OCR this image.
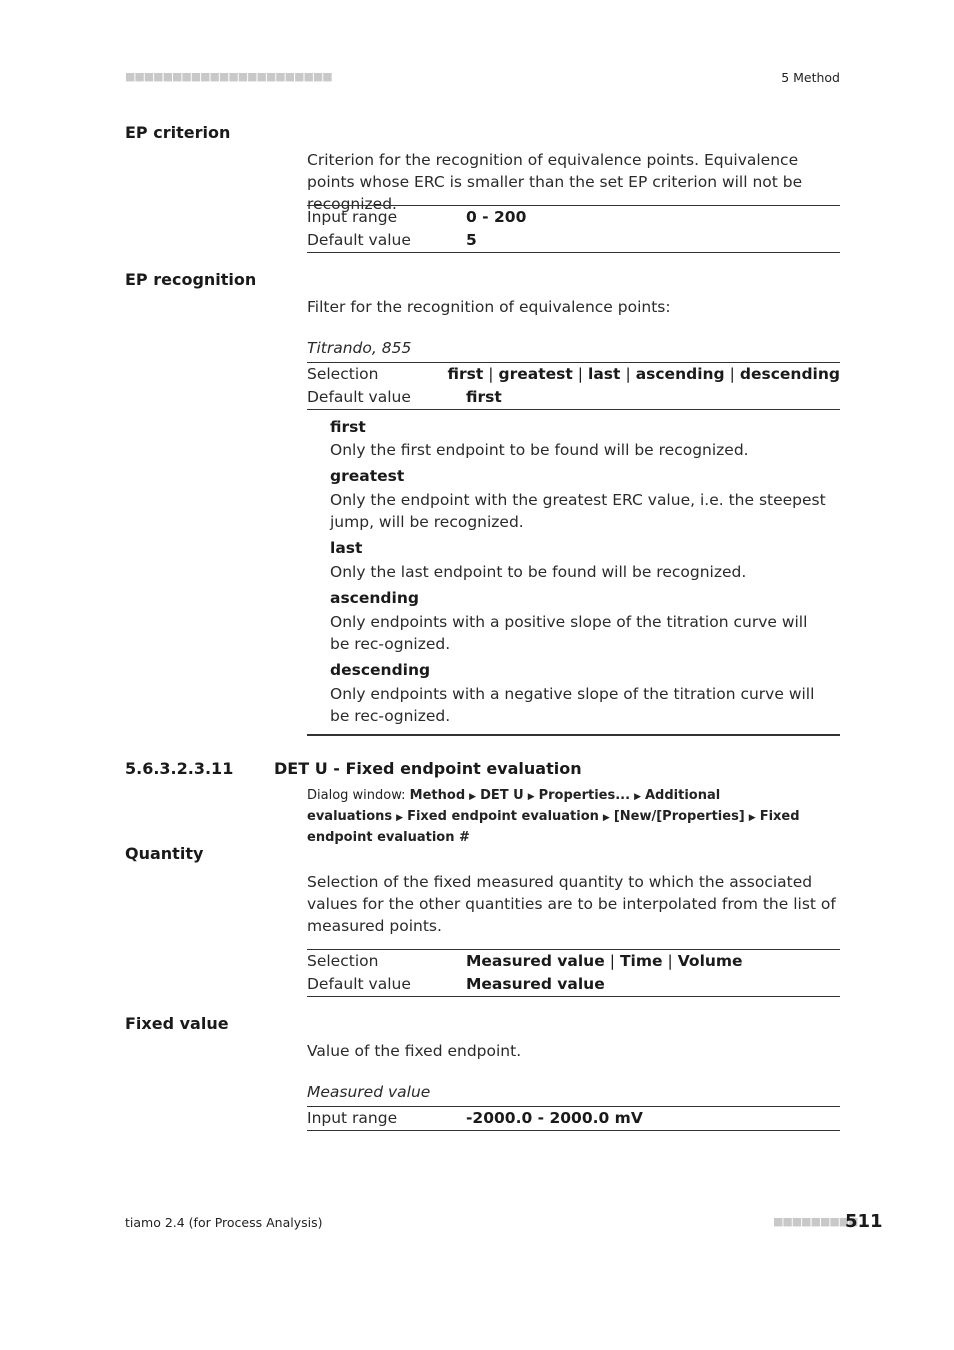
■■■■■■■■■■■■■■■■■■■■■■	5 Method
EP criterion
Criterion for the recognition of equivalence points. Equivalence points whose ERC is smaller than the set EP criterion will not be recognized.
Input range	0 - 200
Default value	5
EP recognition
Filter for the recognition of equivalence points:
Titrando, 855
Selection	first | greatest | last | ascending | descending
Default value	first
first
Only the first endpoint to be found will be recognized.
greatest
Only the endpoint with the greatest ERC value, i.e. the steepest jump, will be recognized.
last
Only the last endpoint to be found will be recognized.
ascending
Only endpoints with a positive slope of the titration curve will be rec-ognized.
descending
Only endpoints with a negative slope of the titration curve will be rec-ognized.
5.6.3.2.3.11	DET U - Fixed endpoint evaluation
Dialog window: Method ▶ DET U ▶ Properties... ▶ Additional evaluations ▶ Fixed endpoint evaluation ▶ [New/[Properties] ▶ Fixed endpoint evaluation #
Quantity
Selection of the fixed measured quantity to which the associated values for the other quantities are to be interpolated from the list of measured points.
Selection	Measured value | Time | Volume
Default value	Measured value
Fixed value
Value of the fixed endpoint.
Measured value
Input range	-2000.0 - 2000.0 mV
tiamo 2.4 (for Process Analysis)	■■■■■■■■■
511
